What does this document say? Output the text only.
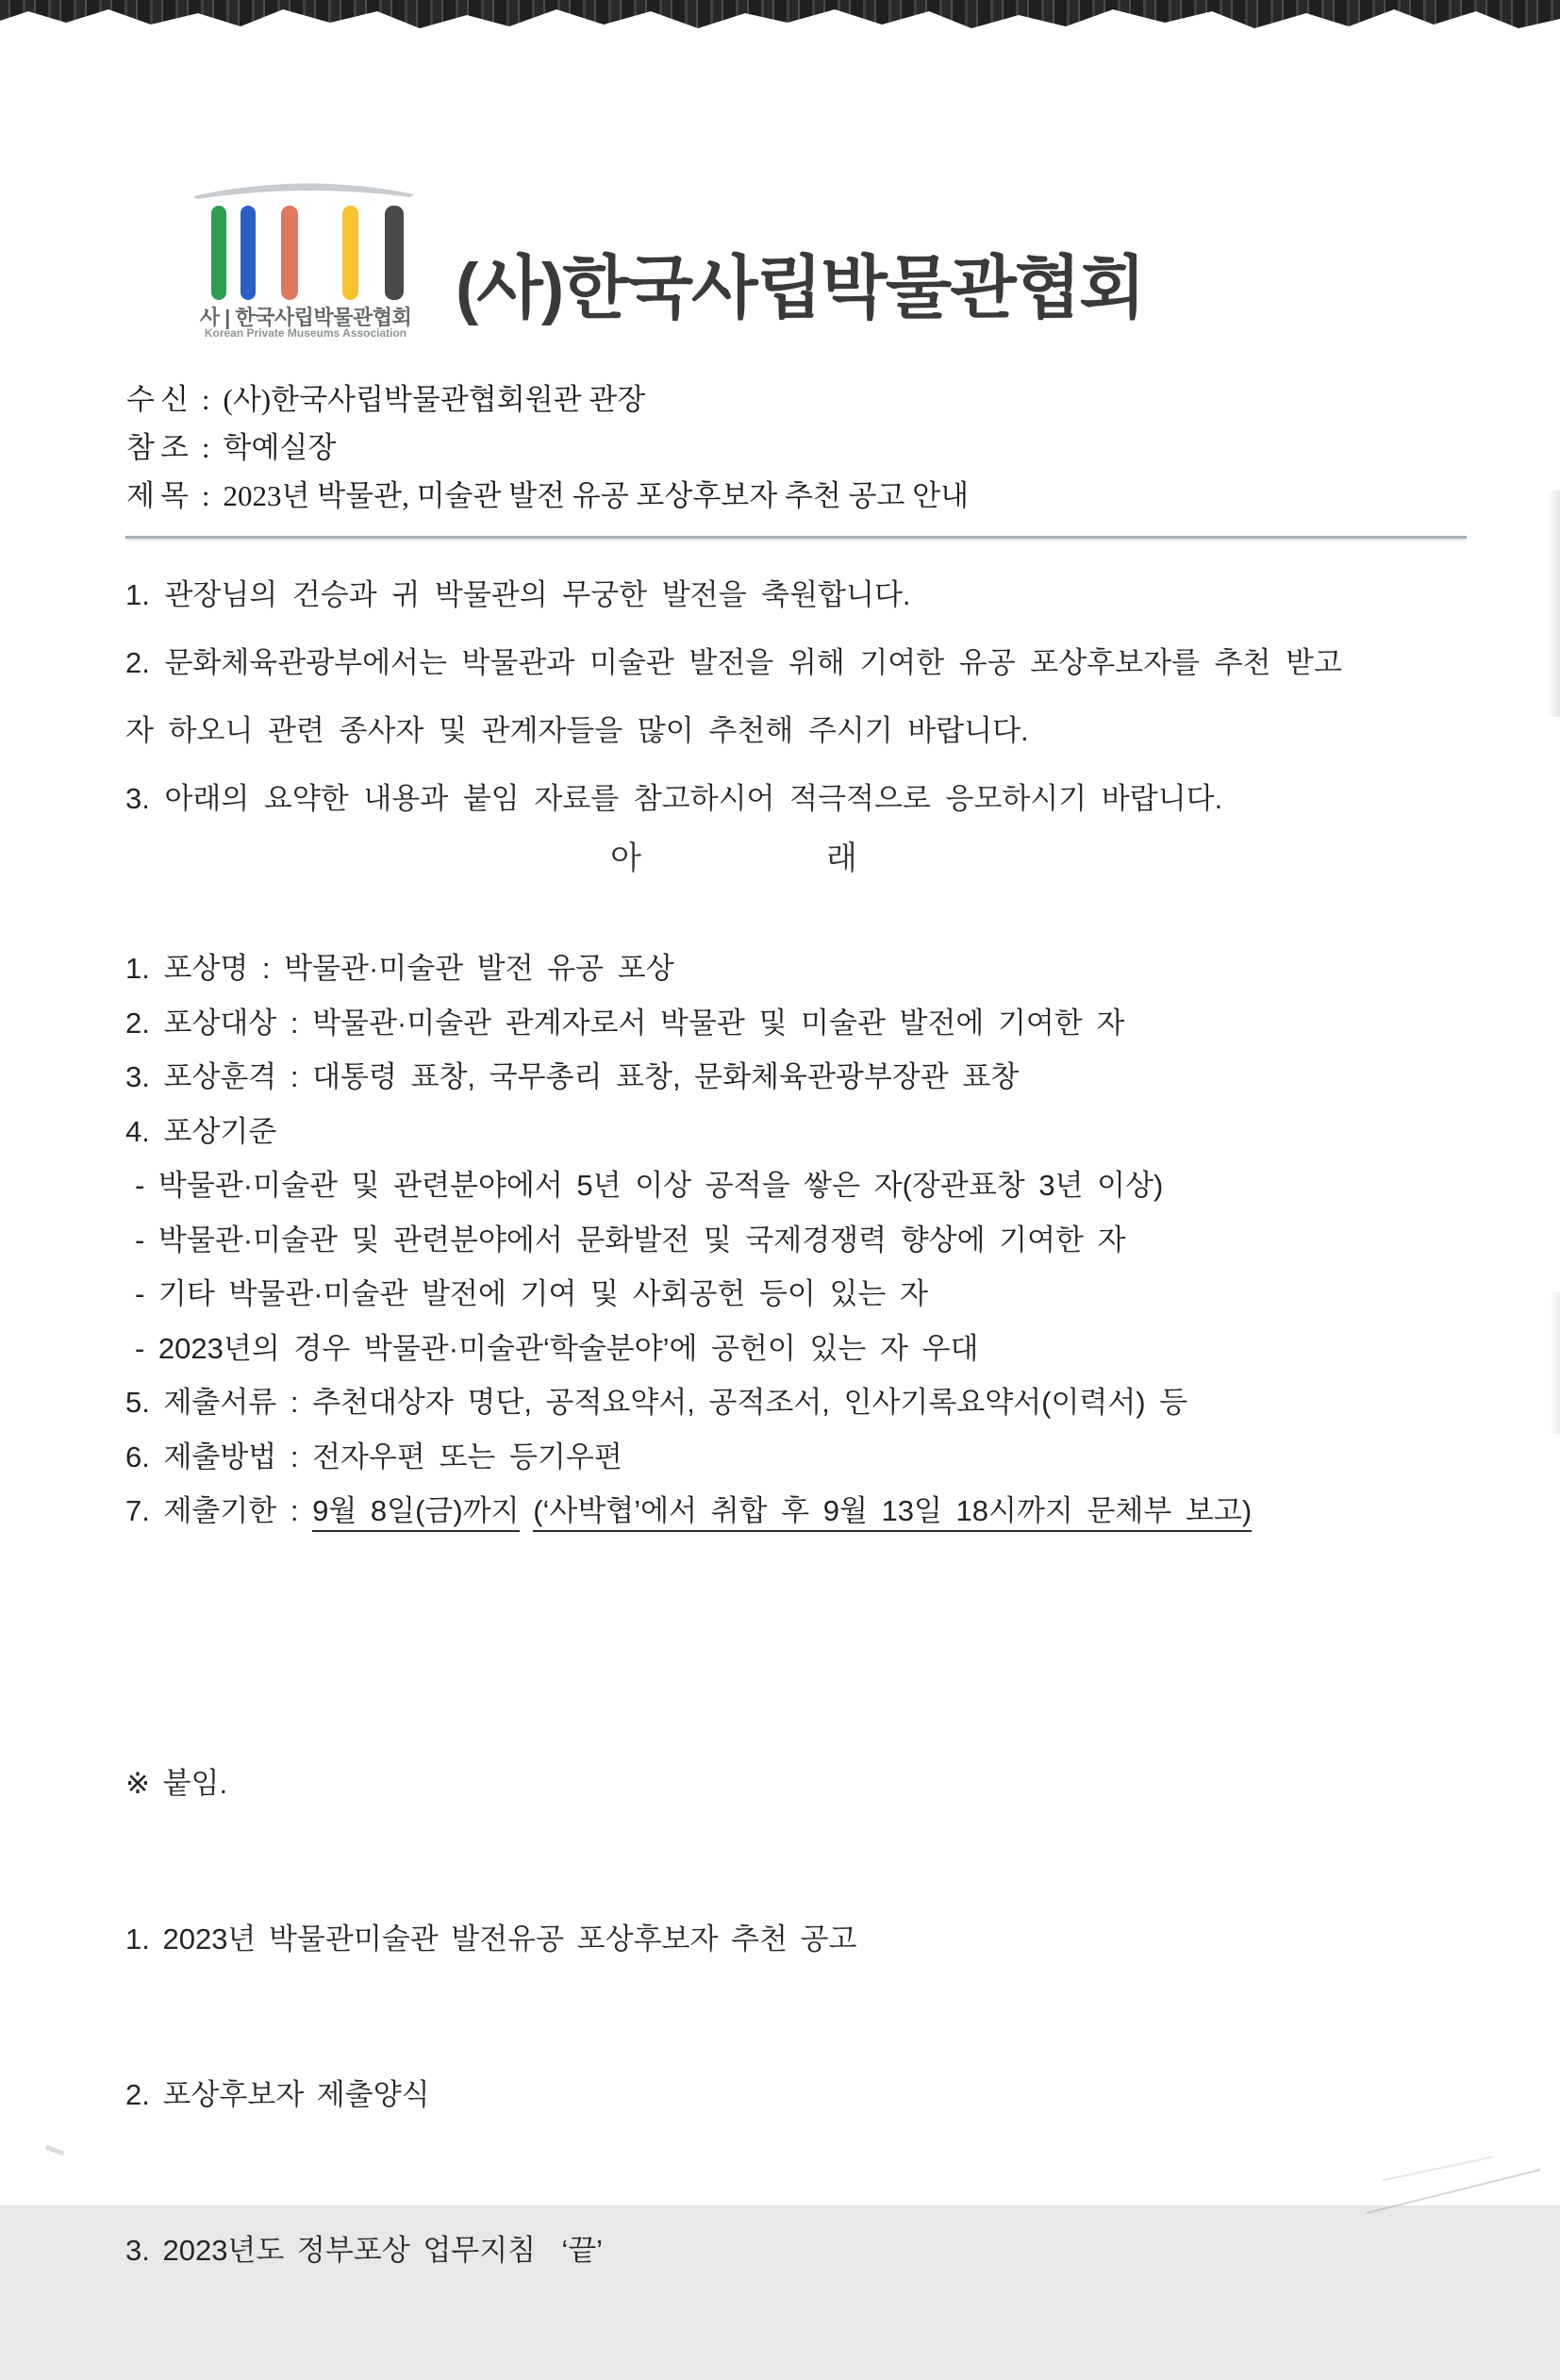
사 | 한국사립박물관협회
Korean Private Museums Association
(사)한국사립박물관협회
수신 : (사)한국사립박물관협회원관 관장
참조 : 학예실장
제목 : 2023년 박물관, 미술관 발전 유공 포상후보자 추천 공고 안내

1. 관장님의 건승과 귀 박물관의 무궁한 발전을 축원합니다.

2. 문화체육관광부에서는 박물관과 미술관 발전을 위해 기여한 유공 포상후보자를 추천 받고자 하오니 관련 종사자 및 관계자들을 많이 추천해 주시기 바랍니다.

3. 아래의 요약한 내용과 붙임 자료를 참고하시어 적극적으로 응모하시기 바랍니다.

아	래
1. 포상명 : 박물관·미술관 발전 유공 포상
2. 포상대상 : 박물관·미술관 관계자로서 박물관 및 미술관 발전에 기여한 자
3. 포상훈격 : 대통령 표창, 국무총리 표창, 문화체육관광부장관 표창
4. 포상기준
- 박물관·미술관 및 관련분야에서 5년 이상 공적을 쌓은 자(장관표창 3년 이상)
- 박물관·미술관 및 관련분야에서 문화발전 및 국제경쟁력 향상에 기여한 자
- 기타 박물관·미술관 발전에 기여 및 사회공헌 등이 있는 자
- 2023년의 경우 박물관·미술관‘학술분야’에 공헌이 있는 자 우대
5. 제출서류 : 추천대상자 명단, 공적요약서, 공적조서, 인사기록요약서(이력서) 등
6. 제출방법 : 전자우편 또는 등기우편
7. 제출기한 : 9월 8일(금)까지 (‘사박협’에서 취합 후 9월 13일 18시까지 문체부 보고)

※ 붙임.

1. 2023년 박물관미술관 발전유공 포상후보자 추천 공고

2. 포상후보자 제출양식

3. 2023년도 정부포상 업무지침  ‘끝’
